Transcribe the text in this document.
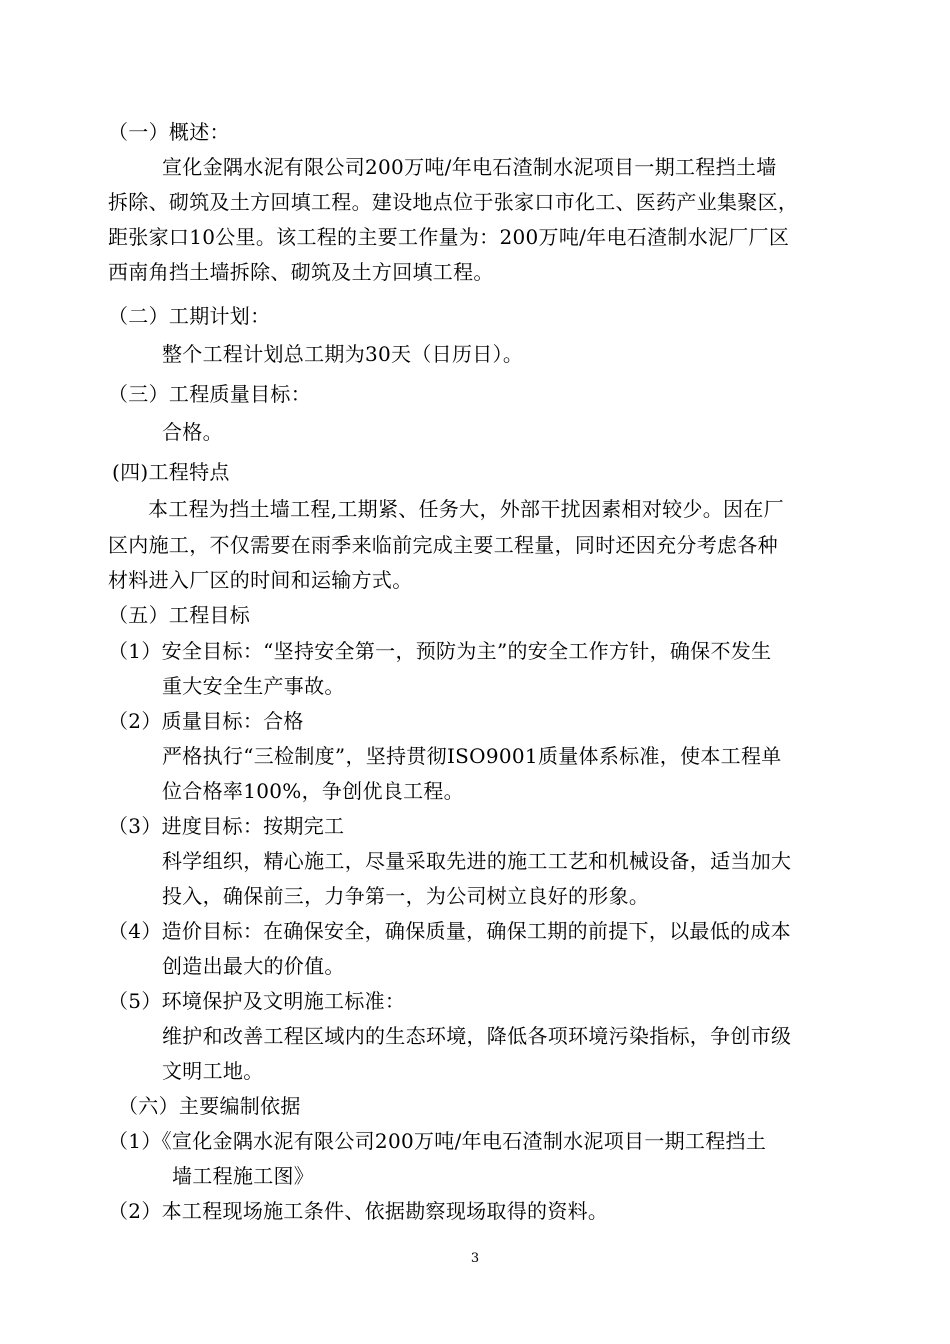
（一）概述：
宣化金隅水泥有限公司200万吨/年电石渣制水泥项目一期工程挡土墙
拆除、砌筑及土方回填工程。建设地点位于张家口市化工、医药产业集聚区，
距张家口10公里。该工程的主要工作量为：200万吨/年电石渣制水泥厂厂区
西南角挡土墙拆除、砌筑及土方回填工程。
（二）工期计划：
整个工程计划总工期为30天（日历日）。
（三）工程质量目标：
合格。
(四)工程特点
本工程为挡土墙工程,工期紧、任务大，外部干扰因素相对较少。因在厂
区内施工，不仅需要在雨季来临前完成主要工程量，同时还因充分考虑各种
材料进入厂区的时间和运输方式。
（五）工程目标
（1）安全目标：“坚持安全第一，预防为主”的安全工作方针，确保不发生
重大安全生产事故。
（2）质量目标：合格
严格执行“三检制度”，坚持贯彻ISO9001质量体系标准，使本工程单
位合格率100%，争创优良工程。
（3）进度目标：按期完工
科学组织，精心施工，尽量采取先进的施工工艺和机械设备，适当加大
投入，确保前三，力争第一，为公司树立良好的形象。
（4）造价目标：在确保安全，确保质量，确保工期的前提下，以最低的成本
创造出最大的价值。
（5）环境保护及文明施工标准：
维护和改善工程区域内的生态环境，降低各项环境污染指标，争创市级
文明工地。
（六）主要编制依据
（1）《宣化金隅水泥有限公司200万吨/年电石渣制水泥项目一期工程挡土
墙工程施工图》
（2）本工程现场施工条件、依据勘察现场取得的资料。
3
